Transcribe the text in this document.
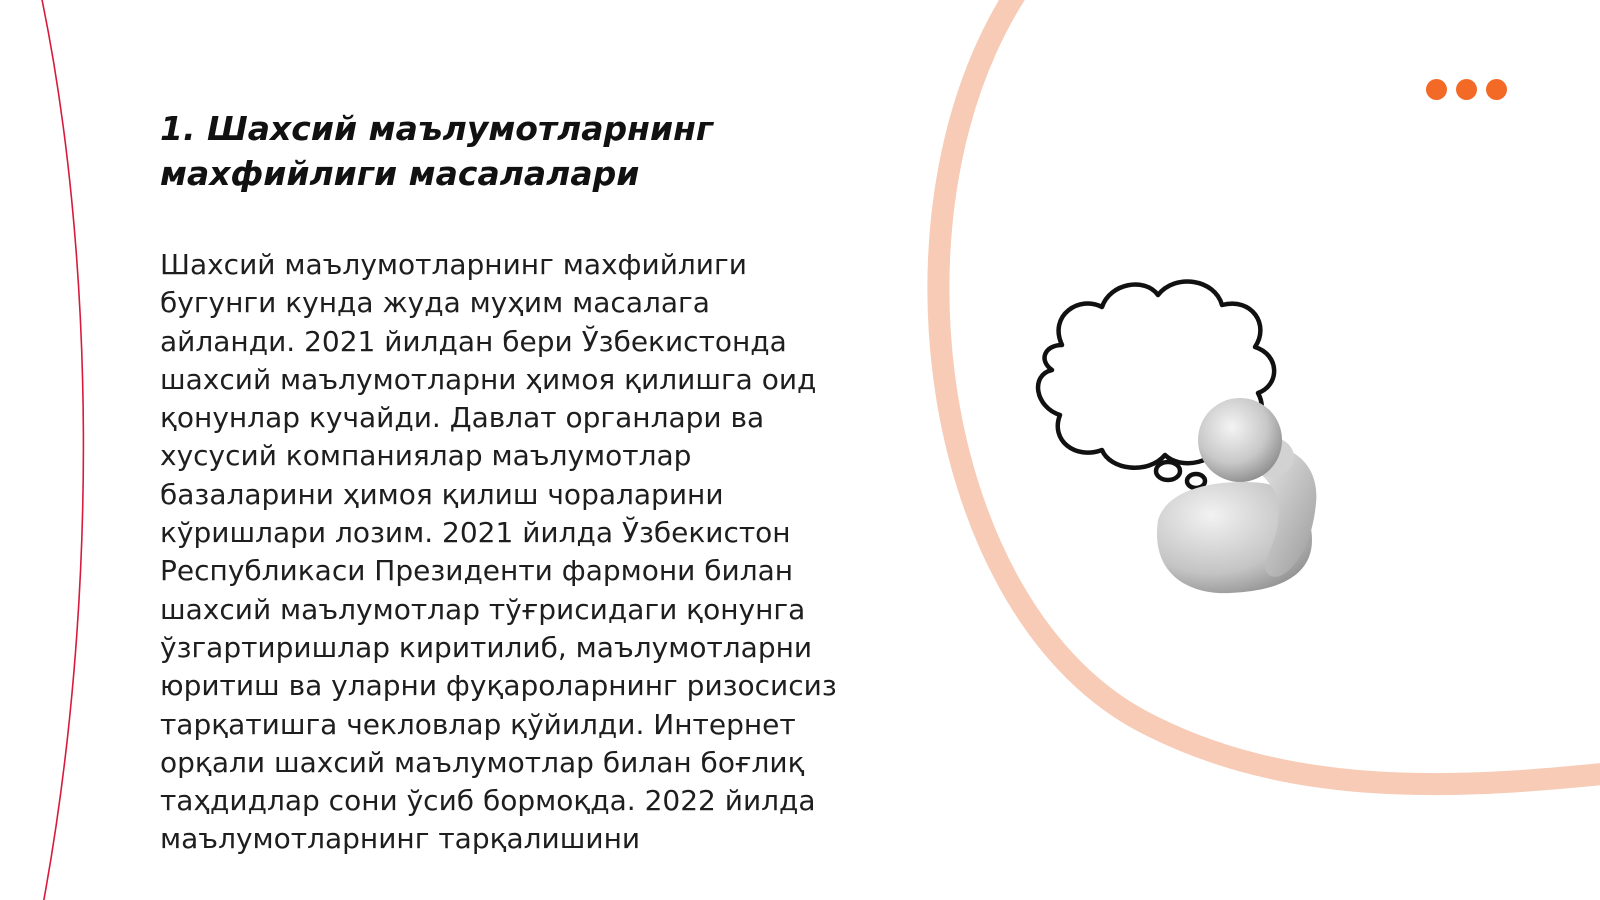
1. Шахсий маълумотларнинг махфийлиги масалалари

Шахсий маълумотларнинг махфийлиги бугунги кунда жуда муҳим масалага айланди. 2021 йилдан бери Ўзбекистонда шахсий маълумотларни ҳимоя қилишга оид қонунлар кучайди. Давлат органлари ва хусусий компаниялар маълумотлар базаларини ҳимоя қилиш чораларини кўришлари лозим. 2021 йилда Ўзбекистон Республикаси Президенти фармони билан шахсий маълумотлар тўғрисидаги қонунга ўзгартиришлар киритилиб, маълумотларни юритиш ва уларни фуқароларнинг ризосисиз тарқатишга чекловлар қўйилди. Интернет орқали шахсий маълумотлар билан боғлиқ таҳдидлар сони ўсиб бормоқда. 2022 йилда маълумотларнинг тарқалишини
